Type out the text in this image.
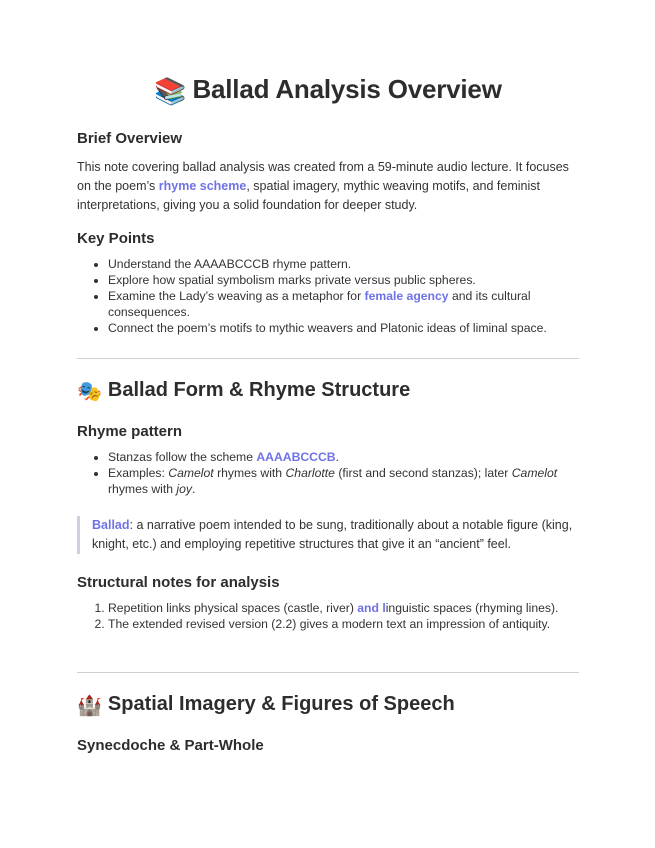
📚 Ballad Analysis Overview
Brief Overview
This note covering ballad analysis was created from a 59-minute audio lecture. It focuses on the poem’s rhyme scheme, spatial imagery, mythic weaving motifs, and feminist interpretations, giving you a solid foundation for deeper study.
Key Points
• Understand the AAAABCCCB rhyme pattern.
• Explore how spatial symbolism marks private versus public spheres.
• Examine the Lady’s weaving as a metaphor for female agency and its cultural consequences.
• Connect the poem’s motifs to mythic weavers and Platonic ideas of liminal space.
🎭 Ballad Form & Rhyme Structure
Rhyme pattern
• Stanzas follow the scheme AAAABCCCB.
• Examples: Camelot rhymes with Charlotte (first and second stanzas); later Camelot rhymes with joy.
Ballad: a narrative poem intended to be sung, traditionally about a notable figure (king, knight, etc.) and employing repetitive structures that give it an “ancient” feel.
Structural notes for analysis
1. Repetition links physical spaces (castle, river) and linguistic spaces (rhyming lines).
2. The extended revised version (2.2) gives a modern text an impression of antiquity.
🏰 Spatial Imagery & Figures of Speech
Synecdoche & Part-Whole
